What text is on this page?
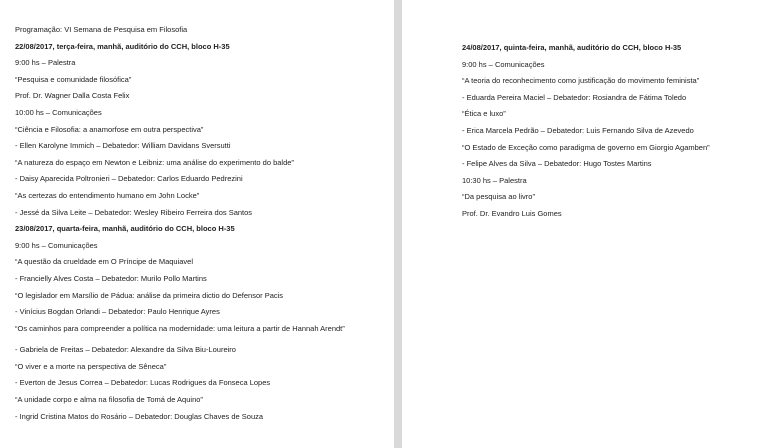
Programação: VI Semana de Pesquisa em Filosofia
22/08/2017, terça-feira, manhã, auditório do CCH, bloco H-35
9:00 hs – Palestra
“Pesquisa e comunidade filosófica”
Prof. Dr. Wagner Dalla Costa Felix
10:00 hs – Comunicações
“Ciência e Filosofia: a anamorfose em outra perspectiva”
- Ellen Karolyne Immich – Debatedor: William Davidans Sversutti
“A natureza do espaço em Newton e Leibniz: uma análise do experimento do balde”
- Daisy Aparecida Poltronieri – Debatedor: Carlos Eduardo Pedrezini
“As certezas do entendimento humano em John Locke”
- Jessé da Silva Leite – Debatedor: Wesley Ribeiro Ferreira dos Santos
23/08/2017, quarta-feira, manhã, auditório do CCH, bloco H-35
9:00 hs – Comunicações
“A questão da crueldade em O Príncipe de Maquiavel
- Francielly Alves Costa – Debatedor: Murilo Pollo Martins
“O legislador em Marsílio de Pádua: análise da primeira dictio do Defensor Pacis
- Vinícius Bogdan Orlandi – Debatedor: Paulo Henrique Ayres
“Os caminhos para compreender a política na modernidade: uma leitura a partir de Hannah Arendt”
- Gabriela de Freitas – Debatedor: Alexandre da Silva Biu-Loureiro
“O viver e a morte na perspectiva de Sêneca”
- Everton de Jesus Correa – Debatedor: Lucas Rodrigues da Fonseca Lopes
“A unidade corpo e alma na filosofia de Tomá de Aquino”
- Ingrid Cristina Matos do Rosário – Debatedor: Douglas Chaves de Souza
24/08/2017, quinta-feira, manhã, auditório do CCH, bloco H-35
9:00 hs – Comunicações
“A teoria do reconhecimento como justificação do movimento feminista”
- Eduarda Pereira Maciel – Debatedor: Rosiandra de Fátima Toledo
“Ética e luxo”
- Erica Marcela Pedrão – Debatedor: Luis Fernando Silva de Azevedo
“O Estado de Exceção como paradigma de governo em Giorgio Agamben”
- Felipe Alves da Silva – Debatedor: Hugo Tostes Martins
10:30 hs – Palestra
“Da pesquisa ao livro”
Prof. Dr. Evandro Luis Gomes
